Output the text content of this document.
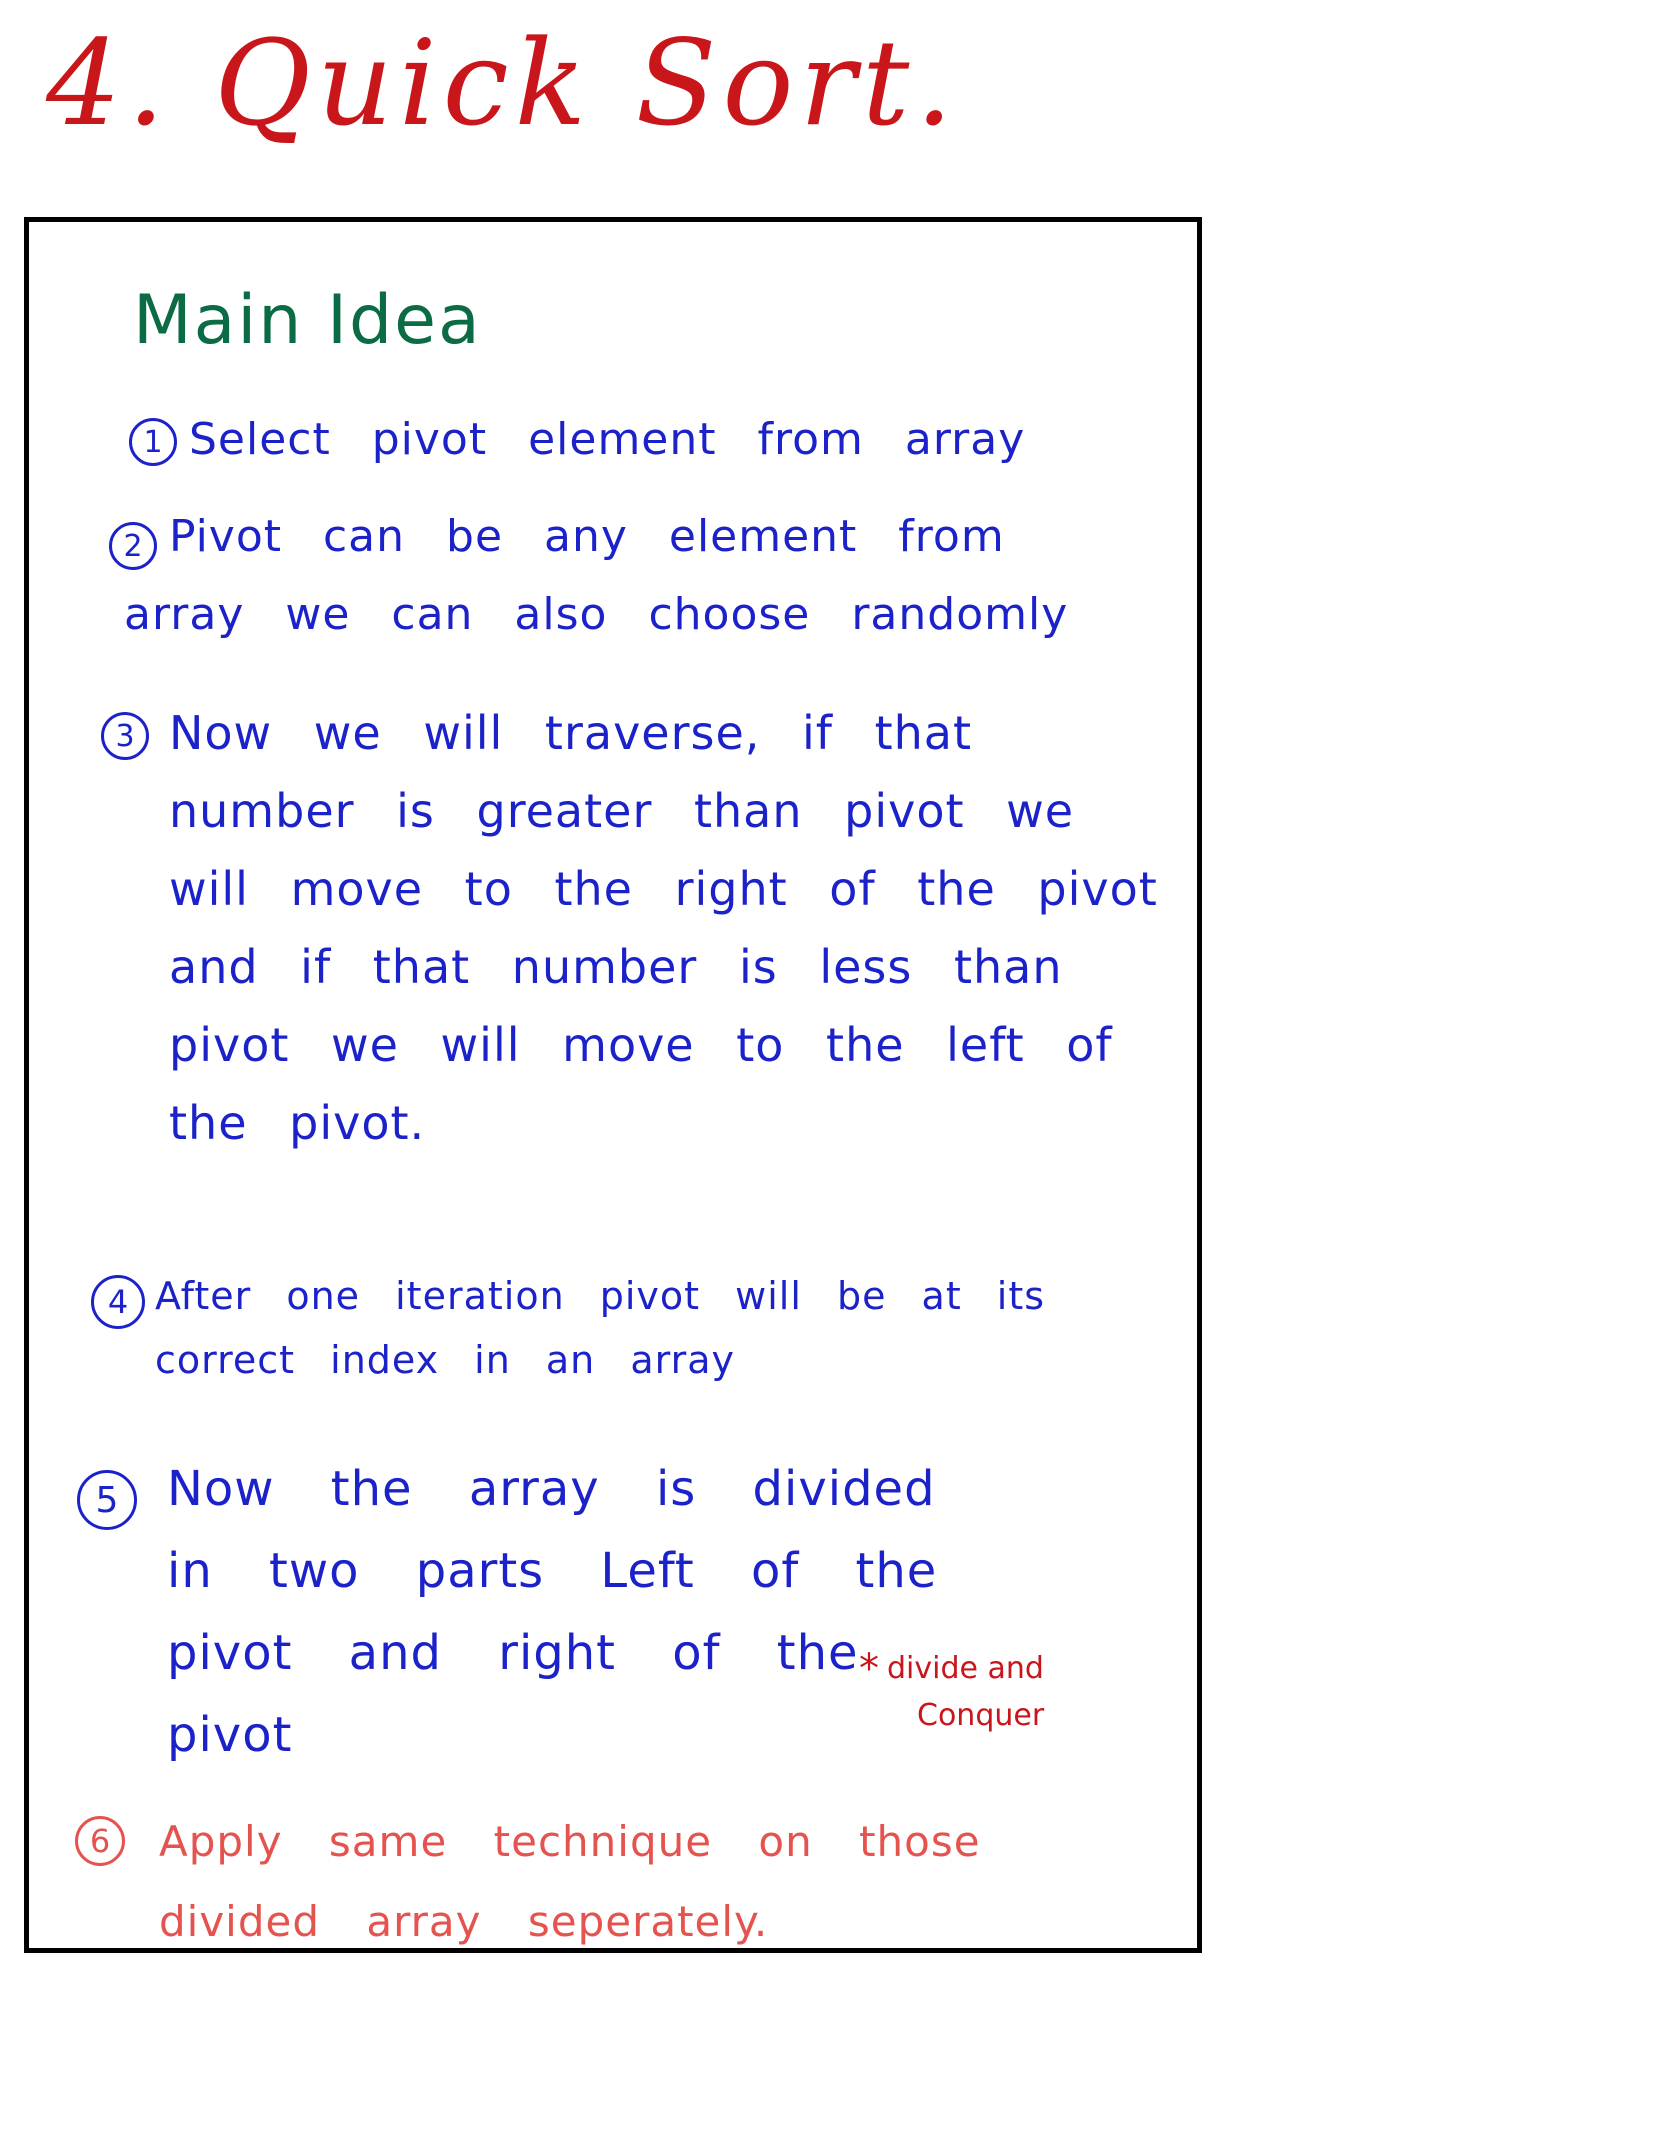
4. Quick Sort.
Main Idea
1 Select pivot element from array

2 Pivot can be any element from array we can also choose randomly

3 Now we will traverse, if that number is greater than pivot we will move to the right of the pivot and if that number is less than pivot we will move to the left of the pivot.

4 After one iteration pivot will be at its correct index in an array

5	Now the array is divided in two parts Left of the pivot and right of the pivot

6	Apply same technique on those divided array seperately.

* divide and
Conquer
